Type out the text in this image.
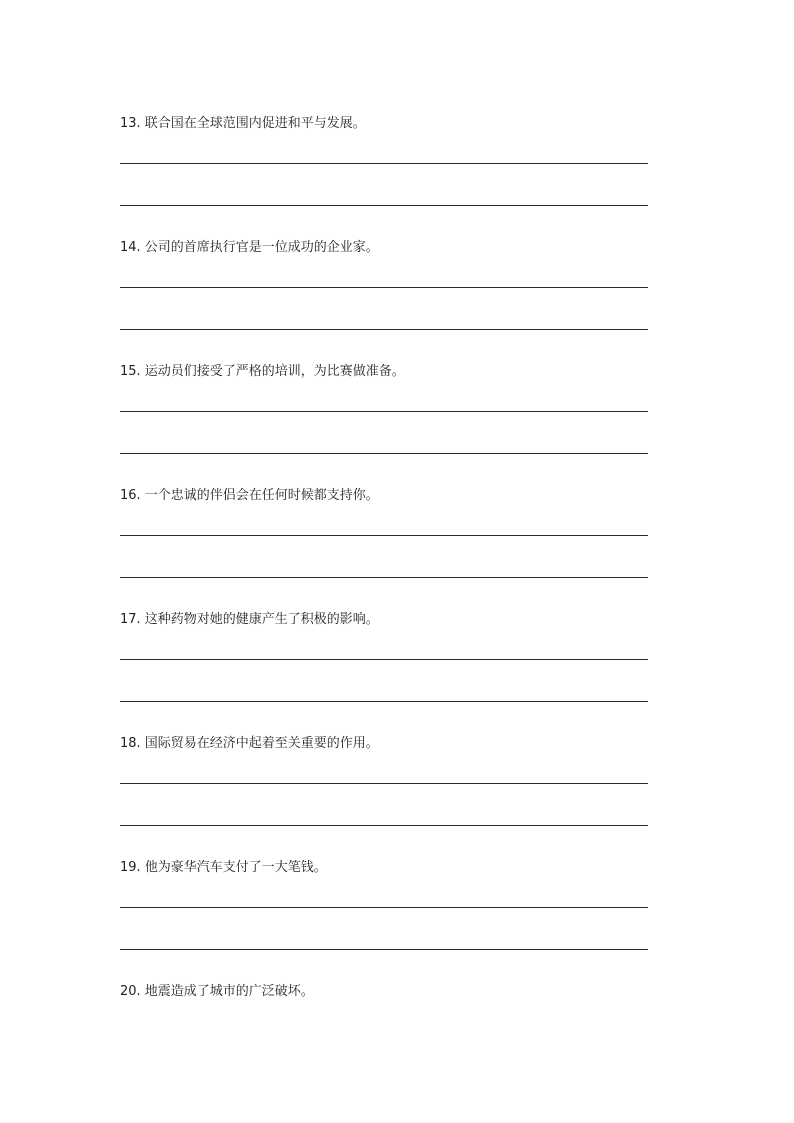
13. 联合国在全球范围内促进和平与发展。
14. 公司的首席执行官是一位成功的企业家。
15. 运动员们接受了严格的培训，为比赛做准备。
16. 一个忠诚的伴侣会在任何时候都支持你。
17. 这种药物对她的健康产生了积极的影响。
18. 国际贸易在经济中起着至关重要的作用。
19. 他为豪华汽车支付了一大笔钱。
20. 地震造成了城市的广泛破坏。
